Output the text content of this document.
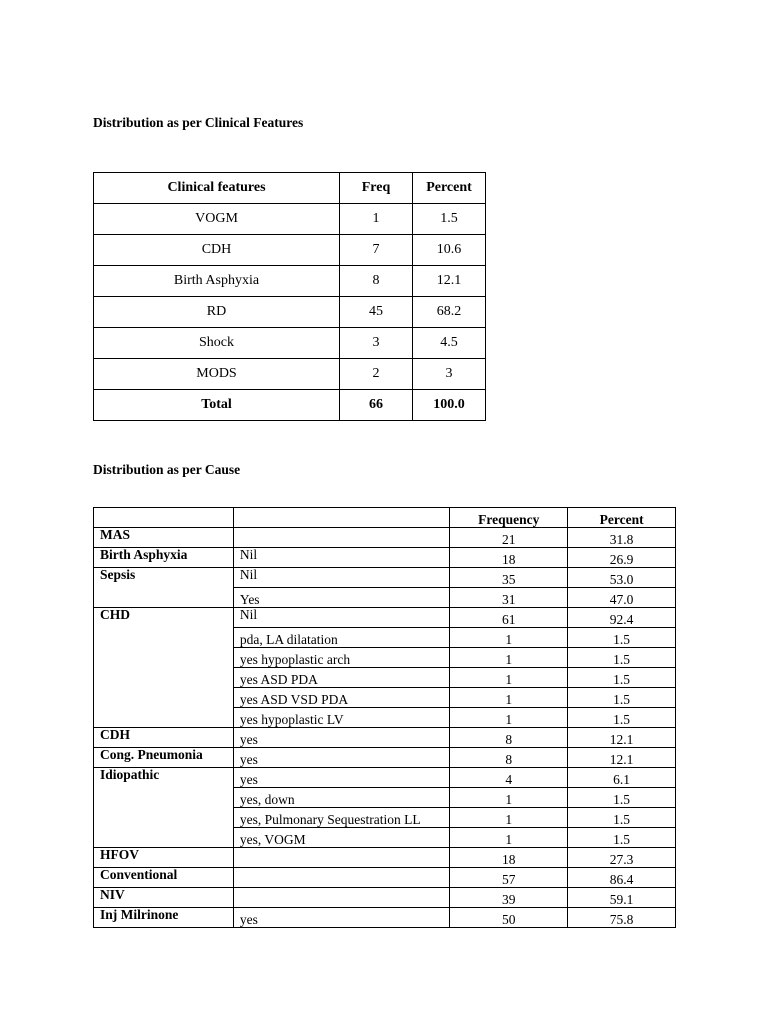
Distribution as per Clinical Features

Clinical features	Freq	Percent
VOGM	1	1.5
CDH	7	10.6
Birth Asphyxia	8	12.1
RD	45	68.2
Shock	3	4.5
MODS	2	3
Total	66	100.0

Distribution as per Cause

		Frequency	Percent
MAS		21	31.8
Birth Asphyxia	Nil	18	26.9
Sepsis	Nil	35	53.0
	Yes	31	47.0
CHD	Nil	61	92.4
	pda, LA dilatation	1	1.5
	yes hypoplastic arch	1	1.5
	yes ASD PDA	1	1.5
	yes ASD VSD PDA	1	1.5
	yes hypoplastic LV	1	1.5
CDH	yes	8	12.1
Cong. Pneumonia	yes	8	12.1
Idiopathic	yes	4	6.1
	yes, down	1	1.5
	yes, Pulmonary Sequestration LL	1	1.5
	yes, VOGM	1	1.5
HFOV		18	27.3
Conventional		57	86.4
NIV		39	59.1
Inj Milrinone	yes	50	75.8
